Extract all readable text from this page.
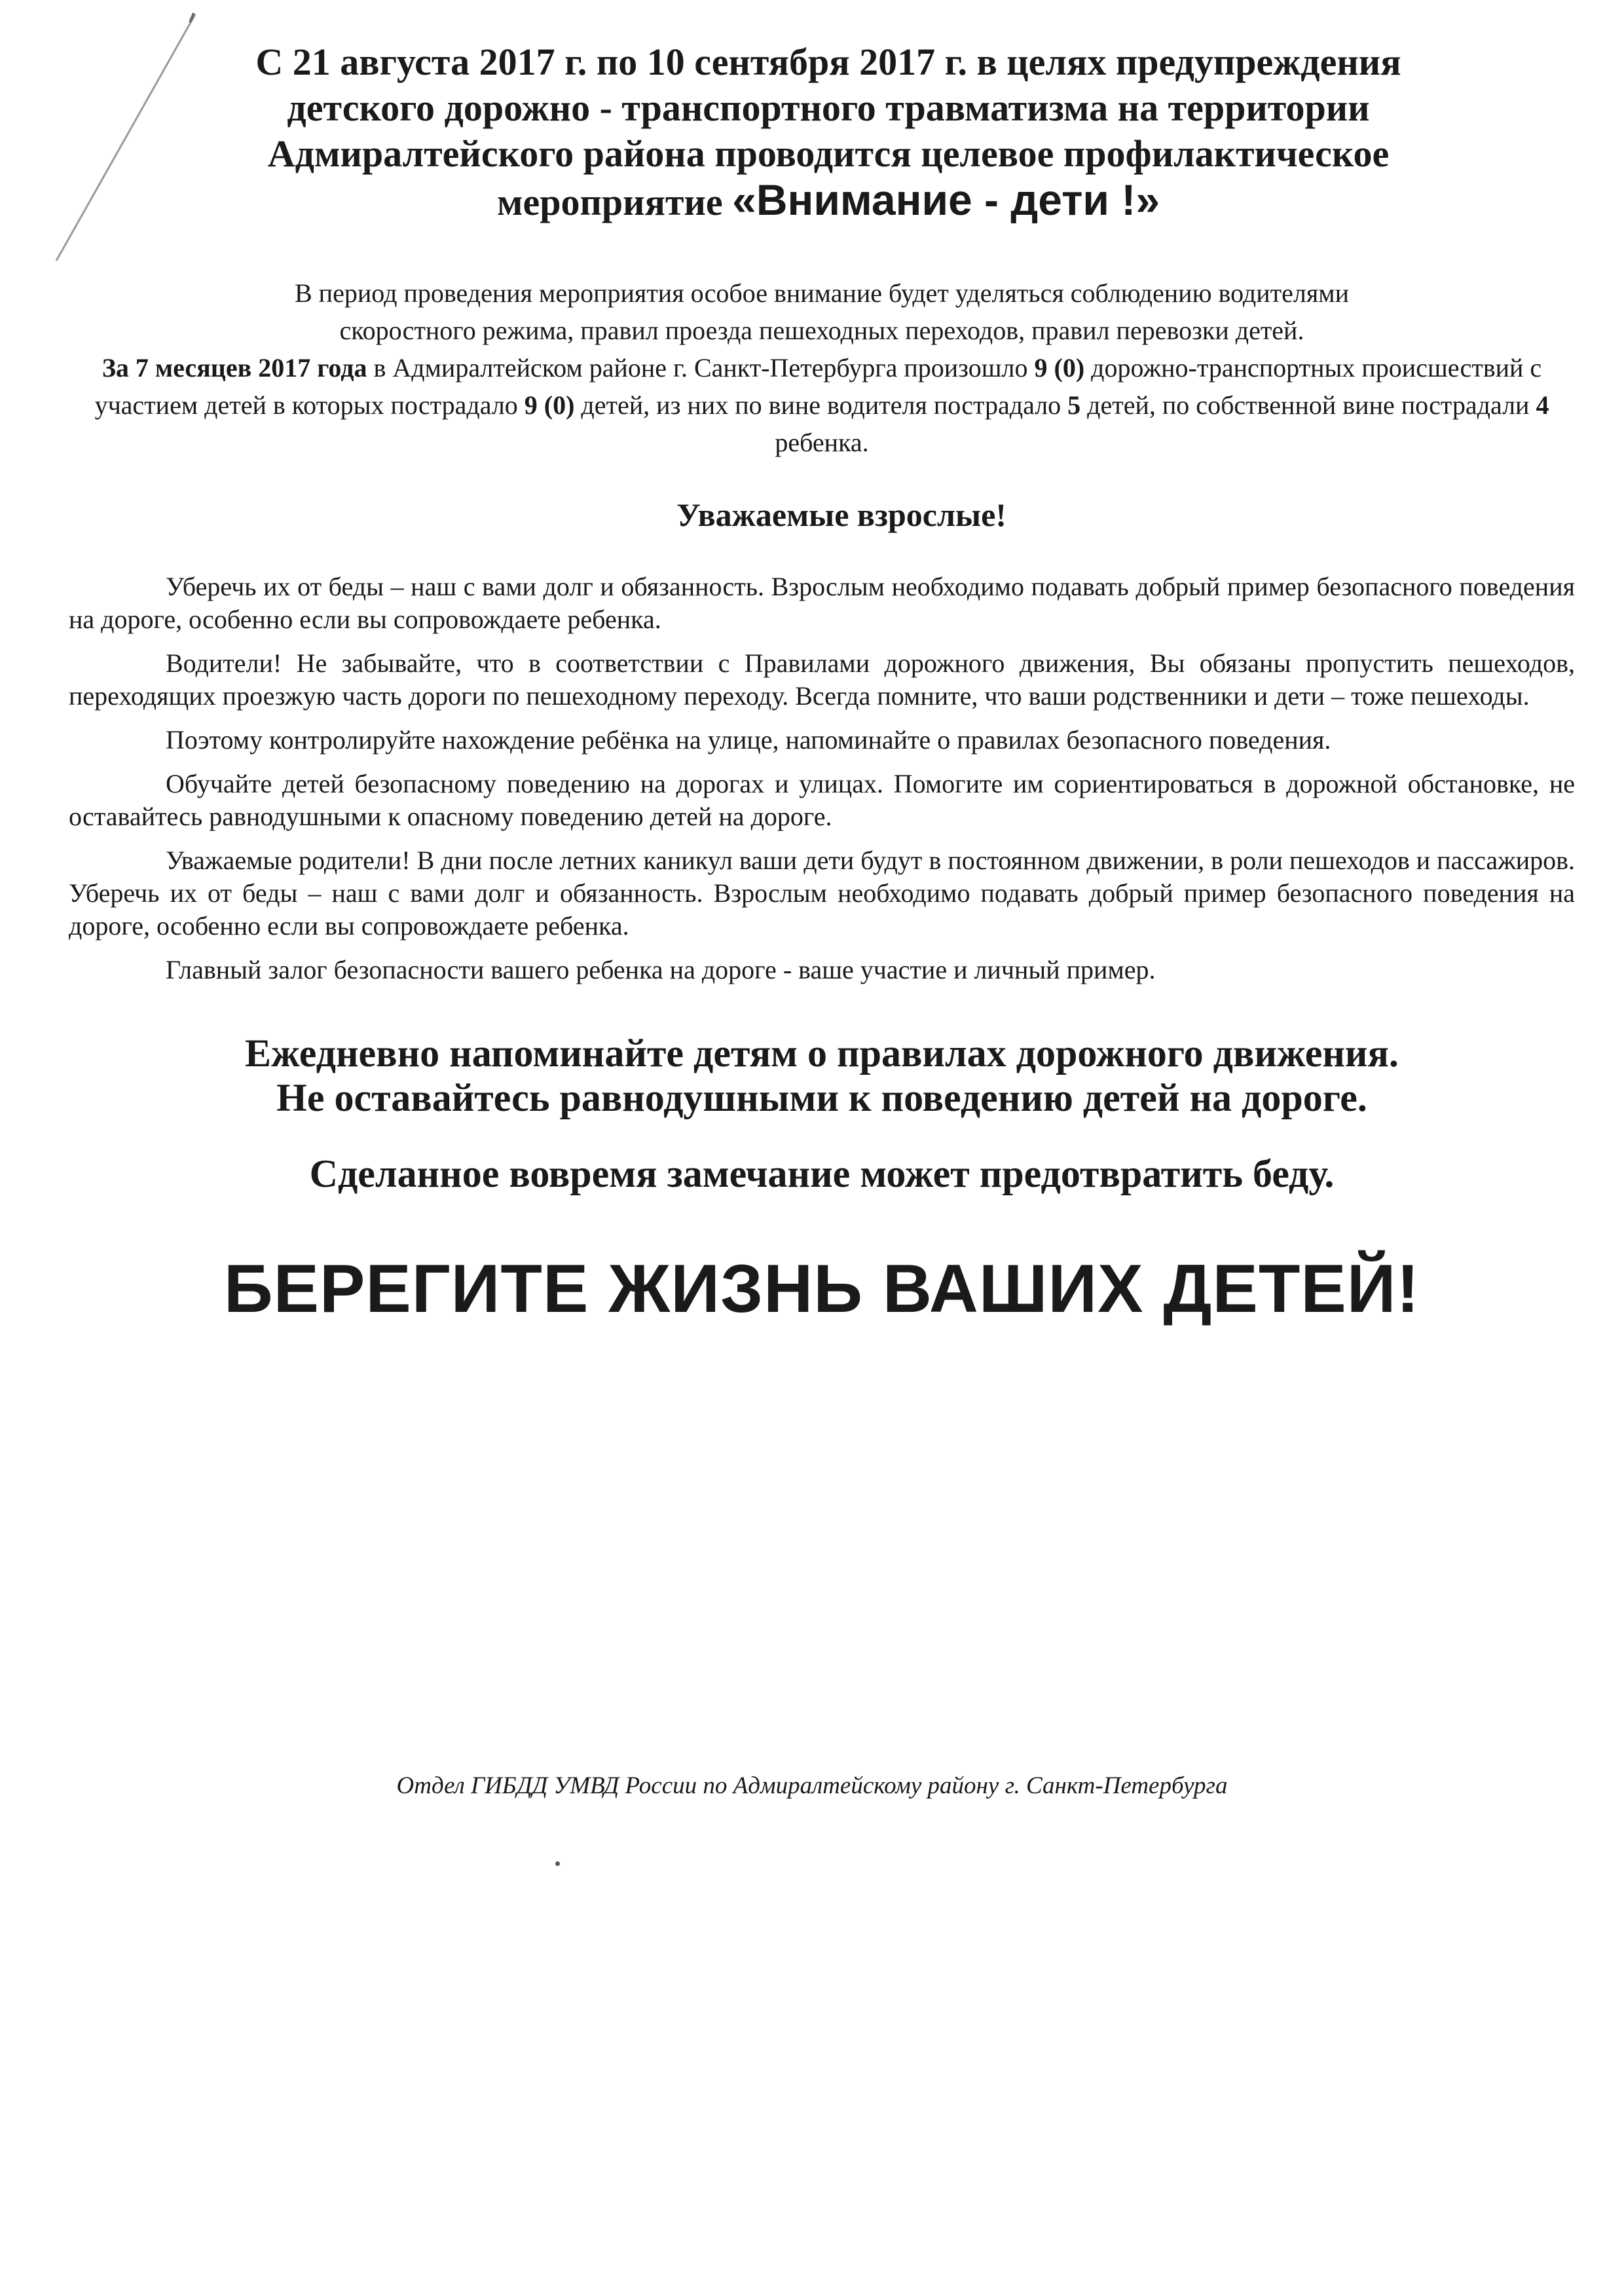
С 21 августа 2017 г. по 10 сентября 2017 г. в целях предупреждения
детского дорожно - транспортного травматизма на территории
Адмиралтейского района проводится целевое профилактическое
мероприятие «Внимание - дети !»
В период проведения мероприятия особое внимание будет уделяться соблюдению водителями
скоростного режима, правил проезда пешеходных переходов, правил перевозки детей.
За 7 месяцев 2017 года в Адмиралтейском районе г. Санкт-Петербурга произошло 9 (0) дорожно-транспортных происшествий с участием детей в которых пострадало 9 (0) детей, из них по вине водителя пострадало 5 детей, по собственной вине пострадали 4 ребенка.
Уважаемые взрослые!

Уберечь их от беды – наш с вами долг и обязанность. Взрослым необходимо подавать добрый пример безопасного поведения на дороге, особенно если вы сопровождаете ребенка.

Водители! Не забывайте, что в соответствии с Правилами дорожного движения, Вы обязаны пропустить пешеходов, переходящих проезжую часть дороги по пешеходному переходу. Всегда помните, что ваши родственники и дети – тоже пешеходы.

Поэтому контролируйте нахождение ребёнка на улице, напоминайте о правилах безопасного поведения.

Обучайте детей безопасному поведению на дорогах и улицах. Помогите им сориентироваться в дорожной обстановке, не оставайтесь равнодушными к опасному поведению детей на дороге.

Уважаемые родители! В дни после летних каникул ваши дети будут в постоянном движении, в роли пешеходов и пассажиров. Уберечь их от беды – наш с вами долг и обязанность. Взрослым необходимо подавать добрый пример безопасного поведения на дороге, особенно если вы сопровождаете ребенка.

Главный залог безопасности вашего ребенка на дороге - ваше участие и личный пример.

Ежедневно напоминайте детям о правилах дорожного движения.
Не оставайтесь равнодушными к поведению детей на дороге.
Сделанное вовремя замечание может предотвратить беду.
БЕРЕГИТЕ ЖИЗНЬ ВАШИХ ДЕТЕЙ!
Отдел ГИБДД УМВД России по Адмиралтейскому району г. Санкт-Петербурга
